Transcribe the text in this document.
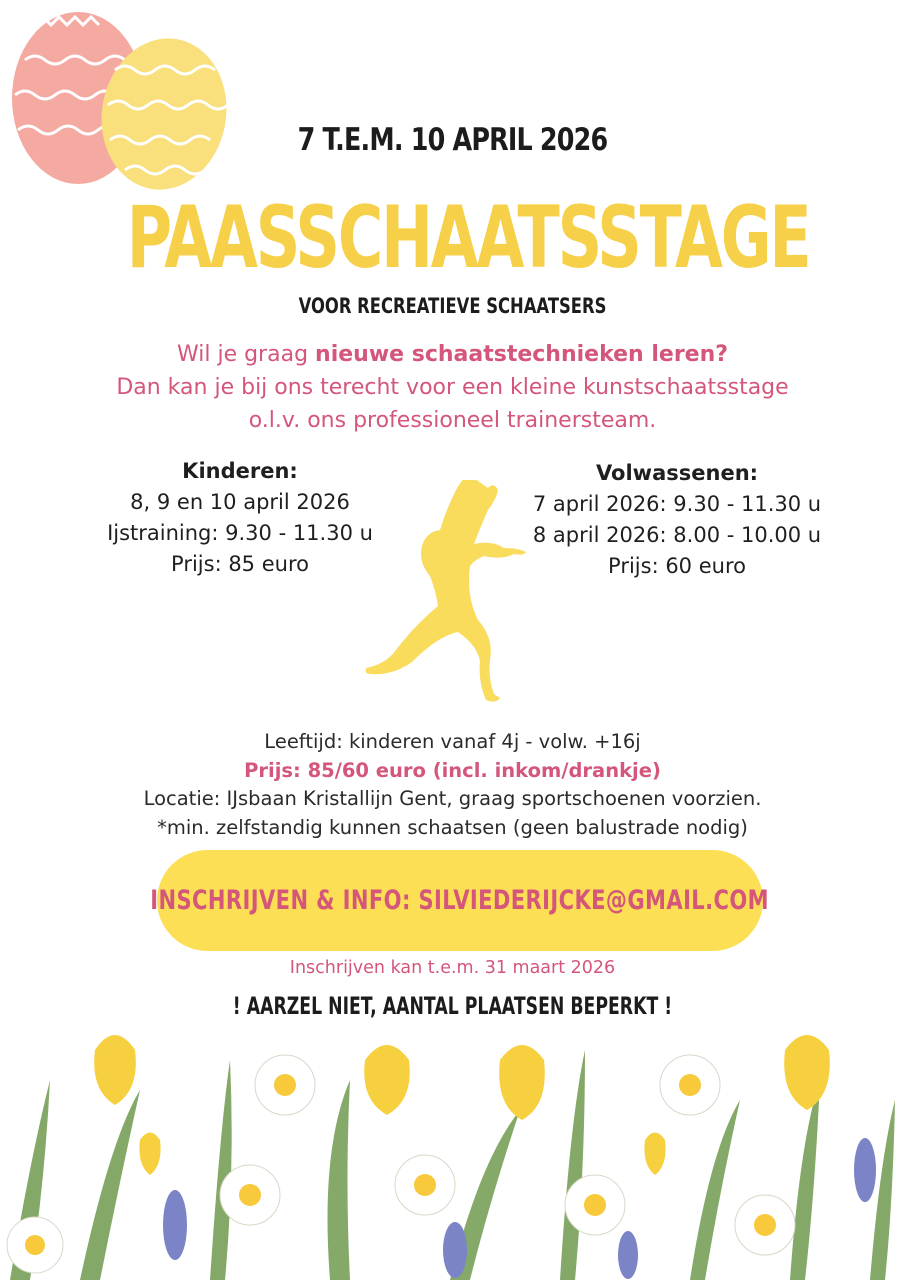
7 T.E.M. 10 APRIL 2026
PAASSCHAATSSTAGE
VOOR RECREATIEVE SCHAATSERS
Wil je graag nieuwe schaatstechnieken leren?
Dan kan je bij ons terecht voor een kleine kunstschaatsstage
o.l.v. ons professioneel trainersteam.
Kinderen:
8, 9 en 10 april 2026
Ijstraining: 9.30 - 11.30 u
Prijs: 85 euro
Volwassenen:
7 april 2026: 9.30 - 11.30 u
8 april 2026: 8.00 - 10.00 u
Prijs: 60 euro
Leeftijd: kinderen vanaf 4j - volw. +16j
Prijs: 85/60 euro (incl. inkom/drankje)
Locatie: IJsbaan Kristallijn Gent, graag sportschoenen voorzien.
*min. zelfstandig kunnen schaatsen (geen balustrade nodig)
INSCHRIJVEN & INFO: SILVIEDERIJCKE@GMAIL.COM
Inschrijven kan t.e.m. 31 maart 2026
! AARZEL NIET, AANTAL PLAATSEN BEPERKT !
